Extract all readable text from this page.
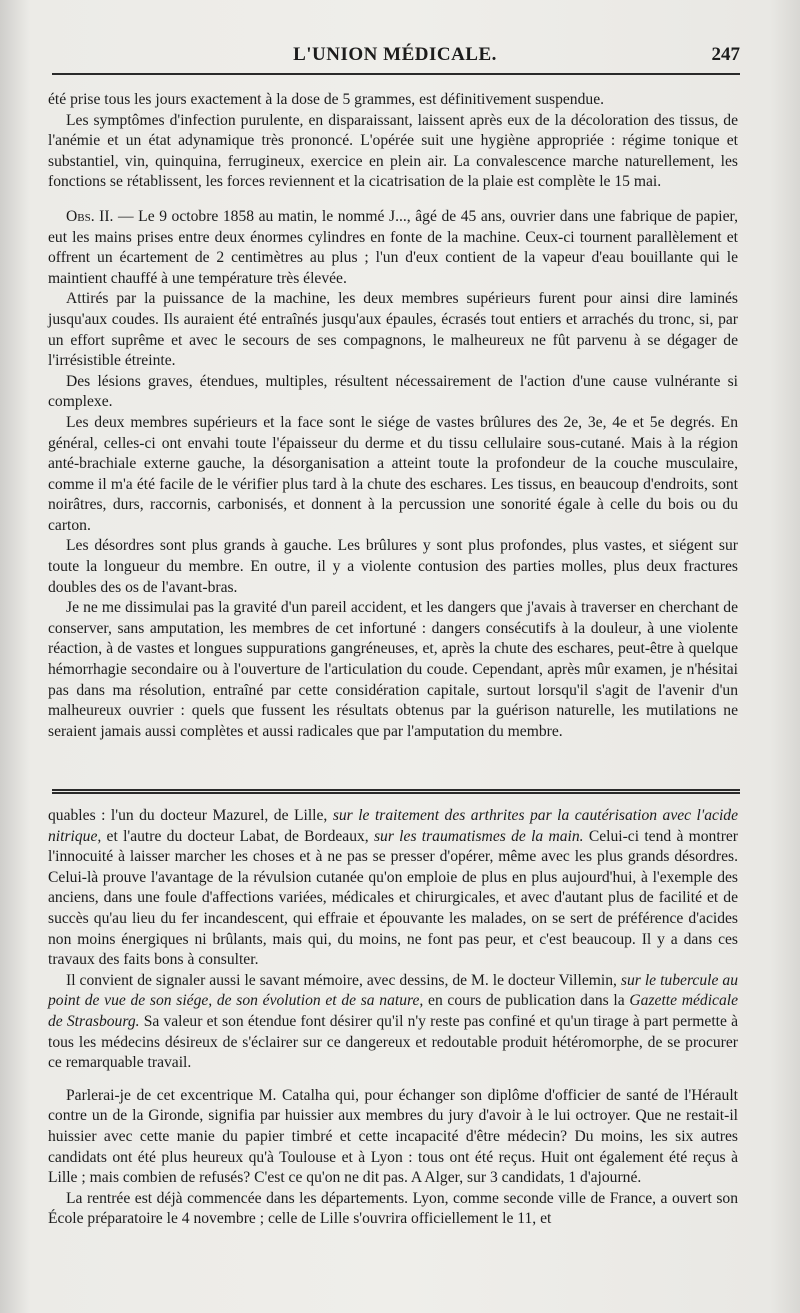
L'UNION MÉDICALE.	247

été prise tous les jours exactement à la dose de 5 grammes, est définitivement suspendue.

Les symptômes d'infection purulente, en disparaissant, laissent après eux de la décoloration des tissus, de l'anémie et un état adynamique très prononcé. L'opérée suit une hygiène appropriée : régime tonique et substantiel, vin, quinquina, ferrugineux, exercice en plein air. La convalescence marche naturellement, les fonctions se rétablissent, les forces reviennent et la cicatrisation de la plaie est complète le 15 mai.

Obs. II. — Le 9 octobre 1858 au matin, le nommé J..., âgé de 45 ans, ouvrier dans une fabrique de papier, eut les mains prises entre deux énormes cylindres en fonte de la machine. Ceux-ci tournent parallèlement et offrent un écartement de 2 centimètres au plus ; l'un d'eux contient de la vapeur d'eau bouillante qui le maintient chauffé à une température très élevée.

Attirés par la puissance de la machine, les deux membres supérieurs furent pour ainsi dire laminés jusqu'aux coudes. Ils auraient été entraînés jusqu'aux épaules, écrasés tout entiers et arrachés du tronc, si, par un effort suprême et avec le secours de ses compagnons, le malheureux ne fût parvenu à se dégager de l'irrésistible étreinte.

Des lésions graves, étendues, multiples, résultent nécessairement de l'action d'une cause vulnérante si complexe.

Les deux membres supérieurs et la face sont le siége de vastes brûlures des 2e, 3e, 4e et 5e degrés. En général, celles-ci ont envahi toute l'épaisseur du derme et du tissu cellulaire sous-cutané. Mais à la région anté-brachiale externe gauche, la désorganisation a atteint toute la profondeur de la couche musculaire, comme il m'a été facile de le vérifier plus tard à la chute des eschares. Les tissus, en beaucoup d'endroits, sont noirâtres, durs, raccornis, carbonisés, et donnent à la percussion une sonorité égale à celle du bois ou du carton.

Les désordres sont plus grands à gauche. Les brûlures y sont plus profondes, plus vastes, et siégent sur toute la longueur du membre. En outre, il y a violente contusion des parties molles, plus deux fractures doubles des os de l'avant-bras.

Je ne me dissimulai pas la gravité d'un pareil accident, et les dangers que j'avais à traverser en cherchant de conserver, sans amputation, les membres de cet infortuné : dangers consécutifs à la douleur, à une violente réaction, à de vastes et longues suppurations gangréneuses, et, après la chute des eschares, peut-être à quelque hémorrhagie secondaire ou à l'ouverture de l'articulation du coude. Cependant, après mûr examen, je n'hésitai pas dans ma résolution, entraîné par cette considération capitale, surtout lorsqu'il s'agit de l'avenir d'un malheureux ouvrier : quels que fussent les résultats obtenus par la guérison naturelle, les mutilations ne seraient jamais aussi complètes et aussi radicales que par l'amputation du membre.

quables : l'un du docteur Mazurel, de Lille, sur le traitement des arthrites par la cautérisation avec l'acide nitrique, et l'autre du docteur Labat, de Bordeaux, sur les traumatismes de la main. Celui-ci tend à montrer l'innocuité à laisser marcher les choses et à ne pas se presser d'opérer, même avec les plus grands désordres. Celui-là prouve l'avantage de la révulsion cutanée qu'on emploie de plus en plus aujourd'hui, à l'exemple des anciens, dans une foule d'affections variées, médicales et chirurgicales, et avec d'autant plus de facilité et de succès qu'au lieu du fer incandescent, qui effraie et épouvante les malades, on se sert de préférence d'acides non moins énergiques ni brûlants, mais qui, du moins, ne font pas peur, et c'est beaucoup. Il y a dans ces travaux des faits bons à consulter.

Il convient de signaler aussi le savant mémoire, avec dessins, de M. le docteur Villemin, sur le tubercule au point de vue de son siége, de son évolution et de sa nature, en cours de publication dans la Gazette médicale de Strasbourg. Sa valeur et son étendue font désirer qu'il n'y reste pas confiné et qu'un tirage à part permette à tous les médecins désireux de s'éclairer sur ce dangereux et redoutable produit hétéromorphe, de se procurer ce remarquable travail.

Parlerai-je de cet excentrique M. Catalha qui, pour échanger son diplôme d'officier de santé de l'Hérault contre un de la Gironde, signifia par huissier aux membres du jury d'avoir à le lui octroyer. Que ne restait-il huissier avec cette manie du papier timbré et cette incapacité d'être médecin? Du moins, les six autres candidats ont été plus heureux qu'à Toulouse et à Lyon : tous ont été reçus. Huit ont également été reçus à Lille ; mais combien de refusés? C'est ce qu'on ne dit pas. A Alger, sur 3 candidats, 1 d'ajourné.

La rentrée est déjà commencée dans les départements. Lyon, comme seconde ville de France, a ouvert son École préparatoire le 4 novembre ; celle de Lille s'ouvrira officiellement le 11, et
